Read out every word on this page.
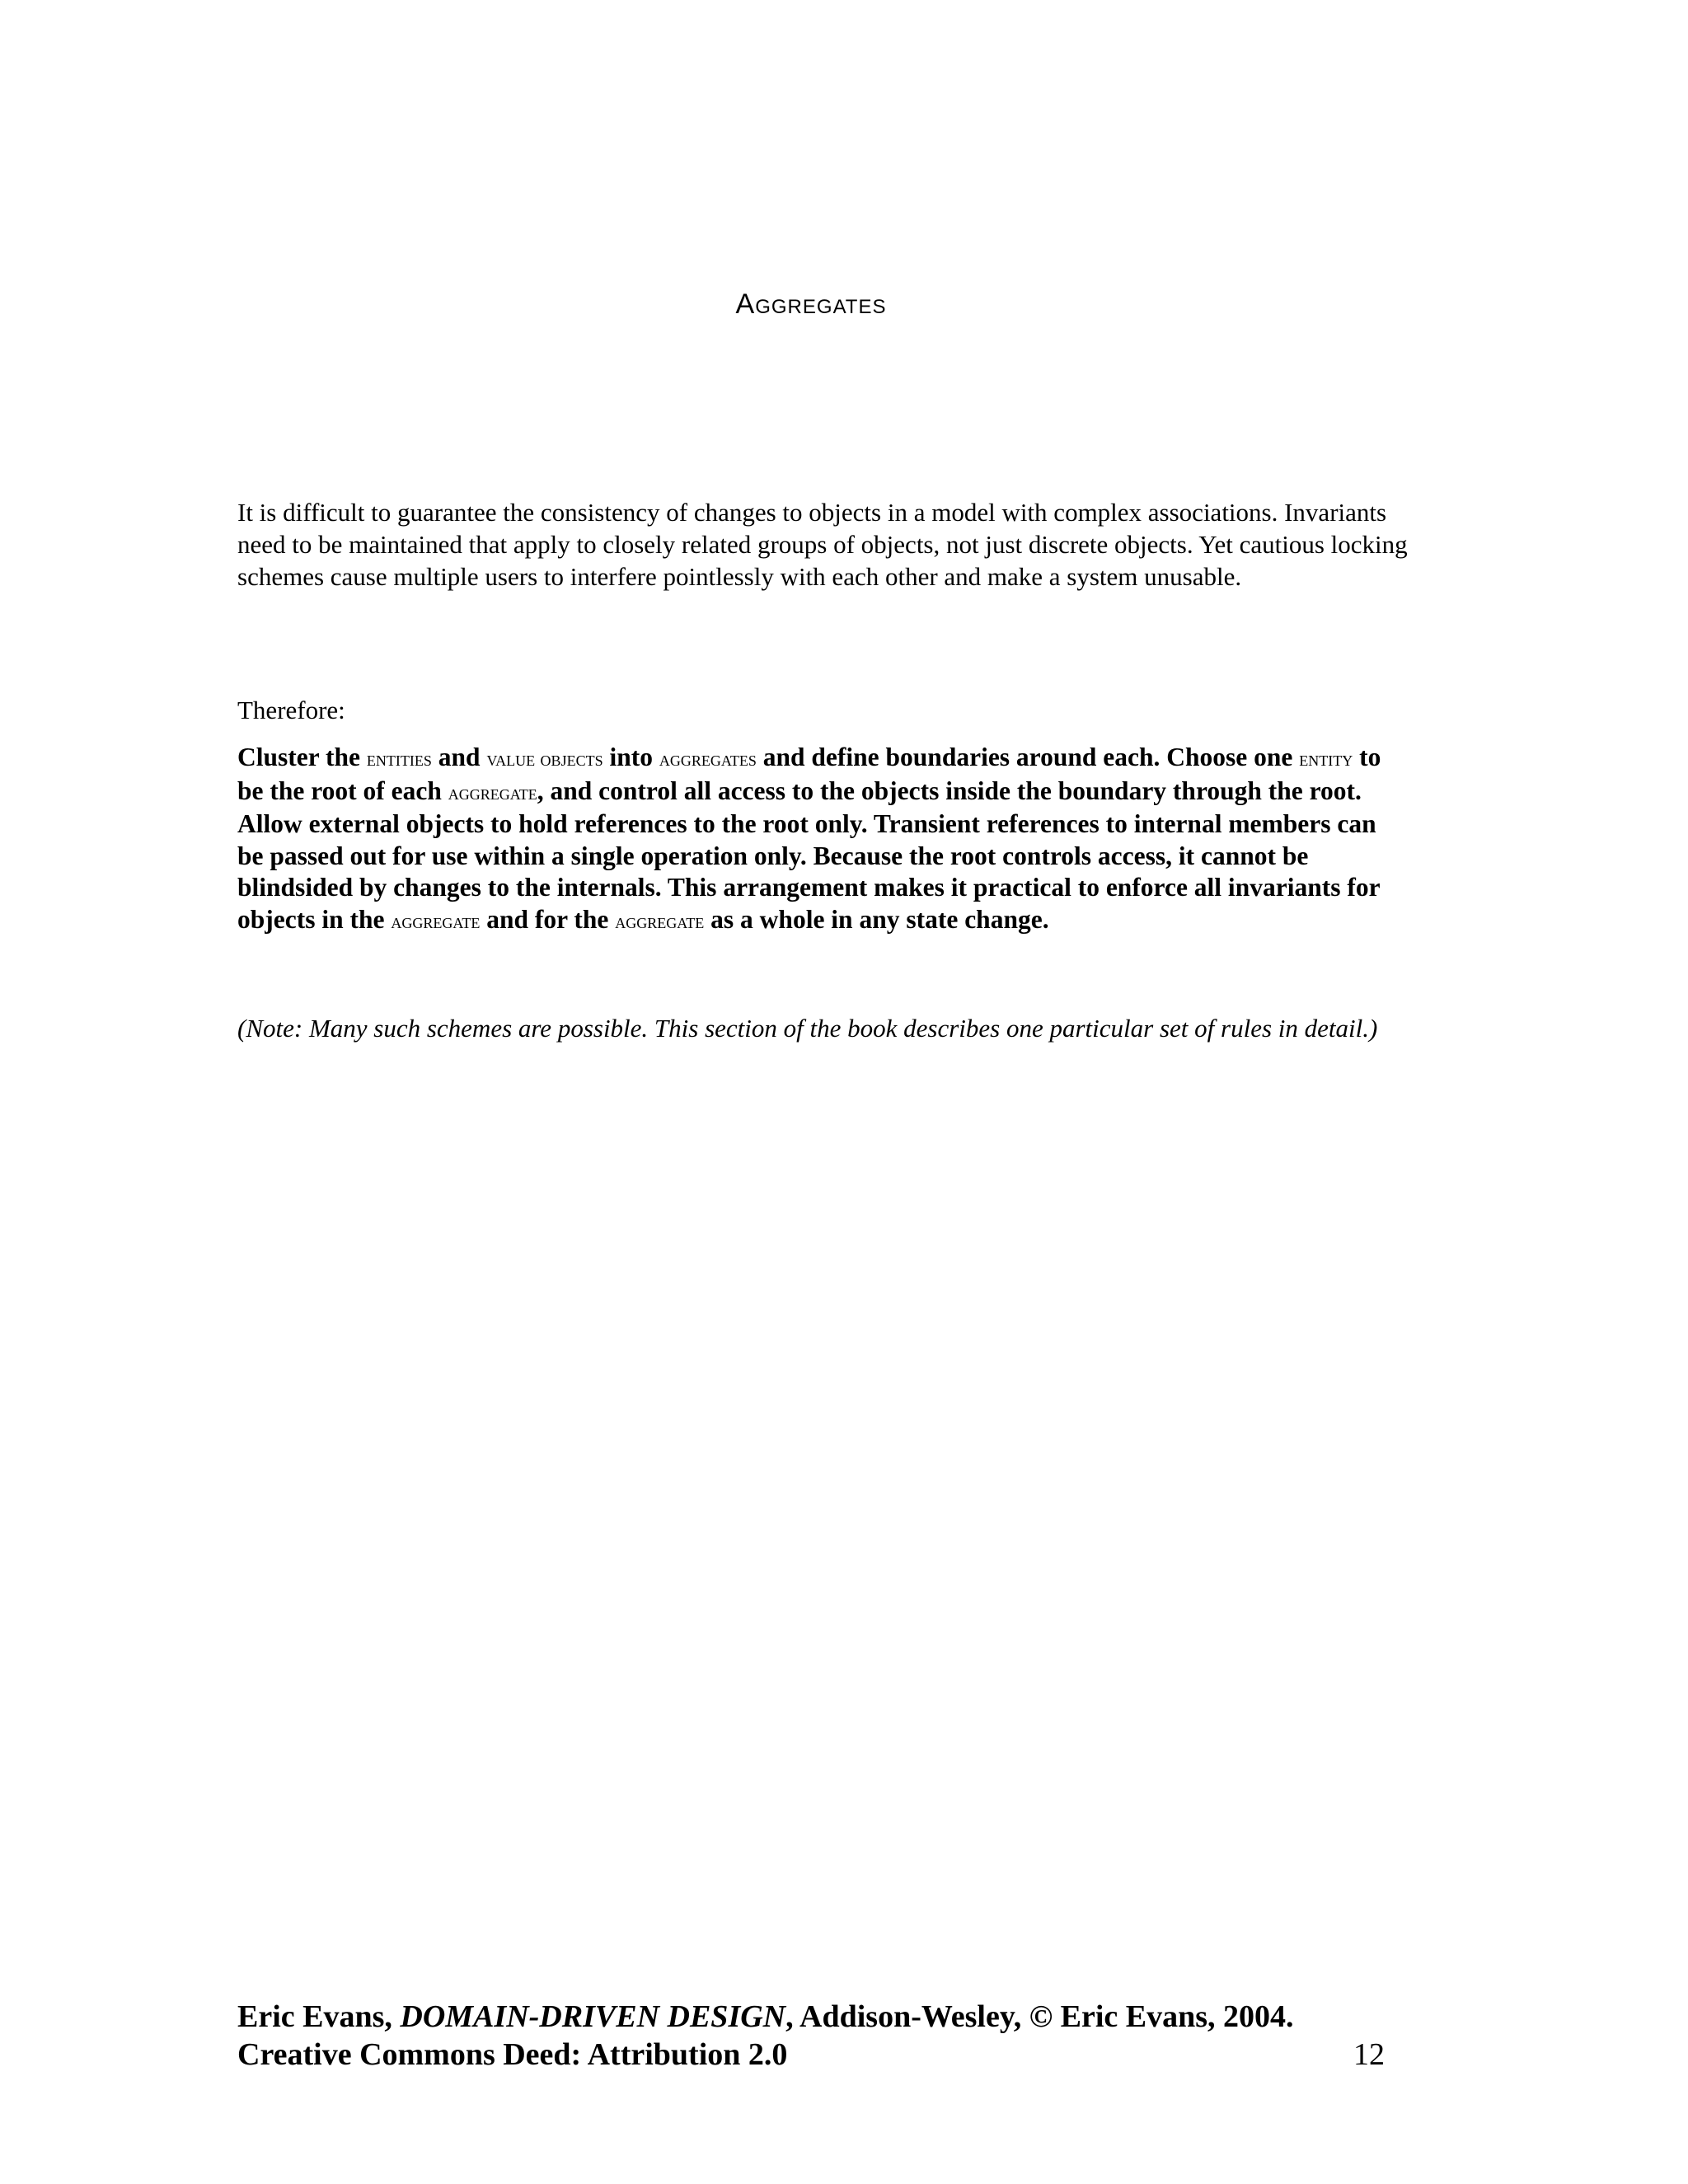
Aggregates

It is difficult to guarantee the consistency of changes to objects in a model with complex associations. Invariants need to be maintained that apply to closely related groups of objects, not just discrete objects. Yet cautious locking schemes cause multiple users to interfere pointlessly with each other and make a system unusable.

Therefore:

Cluster the entities and value objects into aggregates and define boundaries around each. Choose one entity to be the root of each aggregate, and control all access to the objects inside the boundary through the root. Allow external objects to hold references to the root only. Transient references to internal members can be passed out for use within a single operation only. Because the root controls access, it cannot be blindsided by changes to the internals. This arrangement makes it practical to enforce all invariants for objects in the aggregate and for the aggregate as a whole in any state change.

(Note: Many such schemes are possible. This section of the book describes one particular set of rules in detail.)

Eric Evans, DOMAIN-DRIVEN DESIGN, Addison-Wesley, © Eric Evans, 2004.
Creative Commons Deed: Attribution 2.0	12
